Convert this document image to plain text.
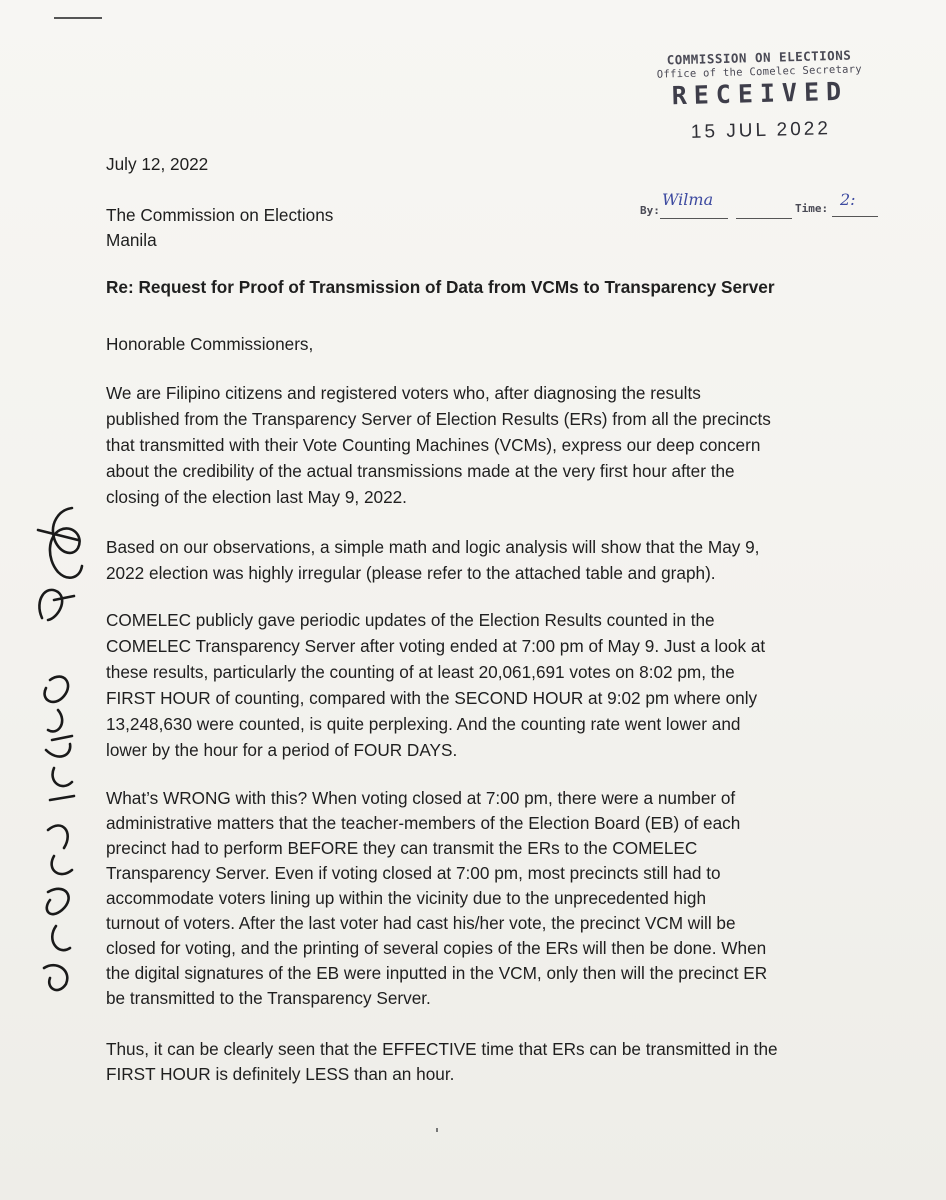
COMMISSION ON ELECTIONS
Office of the Comelec Secretary
RECEIVED
15 JUL 2022
By:
Wilma	Time: 2:

July 12, 2022

The Commission on Elections

Manila

Re: Request for Proof of Transmission of Data from VCMs to Transparency Server

Honorable Commissioners,

We are Filipino citizens and registered voters who, after diagnosing the results

published from the Transparency Server of Election Results (ERs) from all the precincts

that transmitted with their Vote Counting Machines (VCMs), express our deep concern

about the credibility of the actual transmissions made at the very first hour after the

closing of the election last May 9, 2022.

Based on our observations, a simple math and logic analysis will show that the May 9,

2022 election was highly irregular (please refer to the attached table and graph).

COMELEC publicly gave periodic updates of the Election Results counted in the

COMELEC Transparency Server after voting ended at 7:00 pm of May 9. Just a look at

these results, particularly the counting of at least 20,061,691 votes on 8:02 pm, the

FIRST HOUR of counting, compared with the SECOND HOUR at 9:02 pm where only

13,248,630 were counted, is quite perplexing. And the counting rate went lower and

lower by the hour for a period of FOUR DAYS.

What’s WRONG with this? When voting closed at 7:00 pm, there were a number of

administrative matters that the teacher-members of the Election Board (EB) of each

precinct had to perform BEFORE they can transmit the ERs to the COMELEC

Transparency Server. Even if voting closed at 7:00 pm, most precincts still had to

accommodate voters lining up within the vicinity due to the unprecedented high

turnout of voters. After the last voter had cast his/her vote, the precinct VCM will be

closed for voting, and the printing of several copies of the ERs will then be done. When

the digital signatures of the EB were inputted in the VCM, only then will the precinct ER

be transmitted to the Transparency Server.

Thus, it can be clearly seen that the EFFECTIVE time that ERs can be transmitted in the

FIRST HOUR is definitely LESS than an hour.
